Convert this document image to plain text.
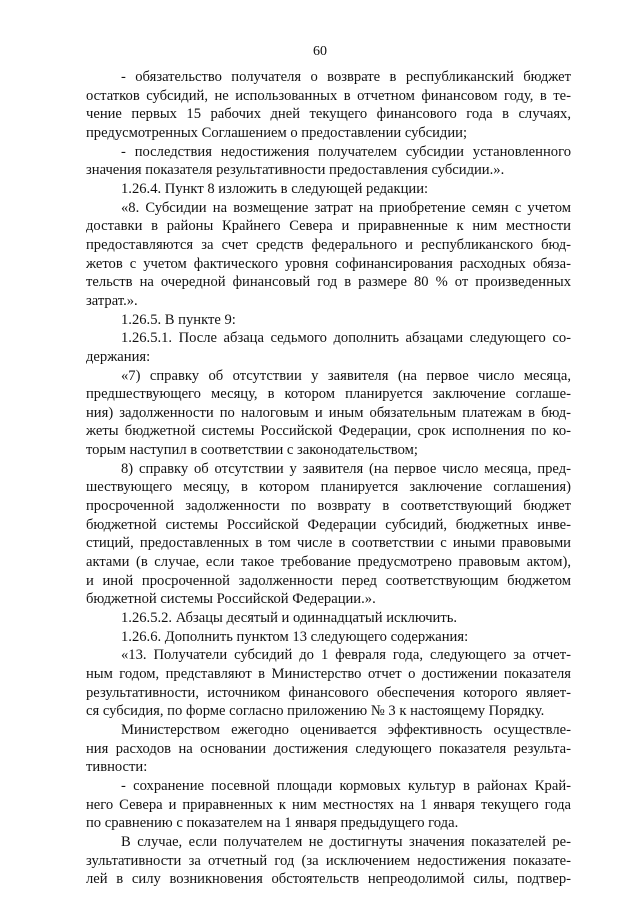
60

- обязательство получателя о возврате в республиканский бюджет

остатков субсидий, не использованных в отчетном финансовом году, в те-

чение первых 15 рабочих дней текущего финансового года в случаях,

предусмотренных Соглашением о предоставлении субсидии;

- последствия недостижения получателем субсидии установленного

значения показателя результативности предоставления субсидии.».

1.26.4. Пункт 8 изложить в следующей редакции:

«8. Субсидии на возмещение затрат на приобретение семян с учетом

доставки в районы Крайнего Севера и приравненные к ним местности

предоставляются за счет средств федерального и республиканского бюд-

жетов с учетом фактического уровня софинансирования расходных обяза-

тельств на очередной финансовый год в размере 80 % от произведенных

затрат.».

1.26.5. В пункте 9:

1.26.5.1. После абзаца седьмого дополнить абзацами следующего со-

держания:

«7) справку об отсутствии у заявителя (на первое число месяца,

предшествующего месяцу, в котором планируется заключение соглаше-

ния) задолженности по налоговым и иным обязательным платежам в бюд-

жеты бюджетной системы Российской Федерации, срок исполнения по ко-

торым наступил в соответствии с законодательством;

8) справку об отсутствии у заявителя (на первое число месяца, пред-

шествующего месяцу, в котором планируется заключение соглашения)

просроченной задолженности по возврату в соответствующий бюджет

бюджетной системы Российской Федерации субсидий, бюджетных инве-

стиций, предоставленных в том числе в соответствии с иными правовыми

актами (в случае, если такое требование предусмотрено правовым актом),

и иной просроченной задолженности перед соответствующим бюджетом

бюджетной системы Российской Федерации.».

1.26.5.2. Абзацы десятый и одиннадцатый исключить.

1.26.6. Дополнить пунктом 13 следующего содержания:

«13. Получатели субсидий до 1 февраля года, следующего за отчет-

ным годом, представляют в Министерство отчет о достижении показателя

результативности, источником финансового обеспечения которого являет-

ся субсидия, по форме согласно приложению № 3 к настоящему Порядку.

Министерством ежегодно оценивается эффективность осуществле-

ния расходов на основании достижения следующего показателя результа-

тивности:

- сохранение посевной площади кормовых культур в районах Край-

него Севера и приравненных к ним местностях на 1 января текущего года

по сравнению с показателем на 1 января предыдущего года.

В случае, если получателем не достигнуты значения показателей ре-

зультативности за отчетный год (за исключением недостижения показате-

лей в силу возникновения обстоятельств непреодолимой силы, подтвер-
